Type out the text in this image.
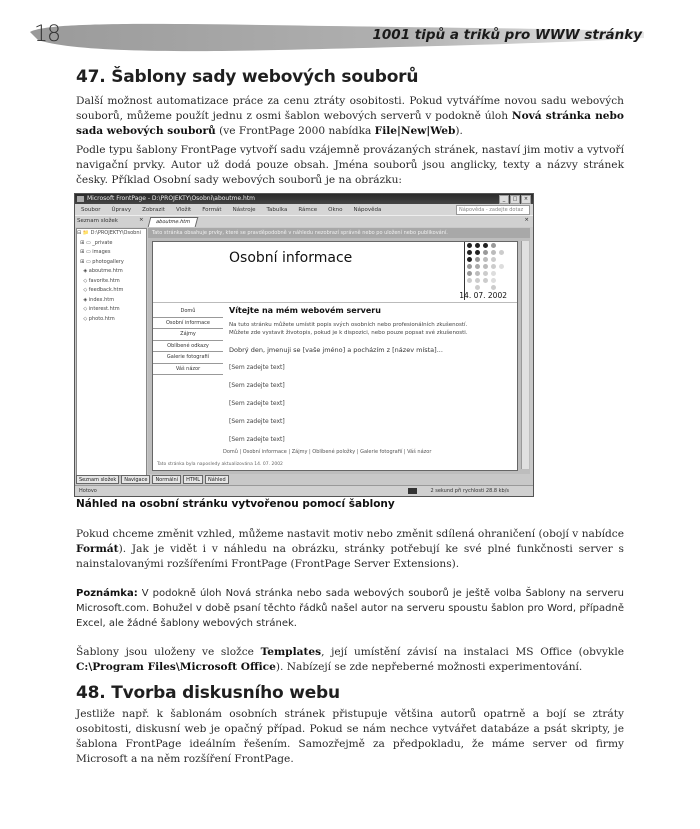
18	1001 tipů a triků pro WWW stránky
47. Šablony sady webových souborů

Další možnost automatizace práce za cenu ztráty osobitosti. Pokud vytváříme novou sadu webových souborů, můžeme použít jednu z osmi šablon webových serverů v podokně úloh Nová stránka nebo sada webových souborů (ve FrontPage 2000 nabídka File|New|Web).

Podle typu šablony FrontPage vytvoří sadu vzájemně provázaných stránek, nastaví jim motiv a vytvoří navigační prvky. Autor už dodá pouze obsah. Jména souborů jsou anglicky, texty a názvy stránek česky. Příklad Osobní sady webových souborů je na obrázku:

Microsoft FrontPage - D:\PROJEKTY\Osobni\aboutme.htm	_	□	×
Soubor Úpravy Zobrazit Vložit Formát Nástroje Tabulka Rámce Okno Nápověda	Nápověda - zadejte dotaz
Seznam složek	×	aboutme.htm	×
⊟ 📁 D:\PROJEKTY\Osobni
⊞ ▭ _private
⊞ ▭ images
⊞ ▭ photogallery
◈ aboutme.htm
◇ favorite.htm
◇ feedback.htm
◈ index.htm
◇ interest.htm
◇ photo.htm
Tato stránka obsahuje prvky, které se pravděpodobně v náhledu nezobrazí správně nebo po uložení nebo publikování.
Osobní informace
14. 07. 2002
Domů
Osobní informace
Zájmy
Oblíbené odkazy
Galerie fotografií
Váš názor
Vítejte na mém webovém serveru
Na tuto stránku můžete umístit popis svých osobních nebo profesionálních zkušeností.
Můžete zde vystavit životopis, pokud je k dispozici, nebo pouze popsat své zkušenosti.
Dobrý den, jmenuji se [vaše jméno] a pocházím z [název místa]...
[Sem zadejte text]
[Sem zadejte text]
[Sem zadejte text]
[Sem zadejte text]
[Sem zadejte text]
Domů | Osobní informace | Zájmy | Oblíbené položky | Galerie fotografií | Váš názor
Tato stránka byla naposledy aktualizována 14. 07. 2002
Seznam složek	Navigace	Normální	HTML	Náhled
Hotovo	2 sekund při rychlosti 28.8 kb/s
Náhled na osobní stránku vytvořenou pomocí šablony

Pokud chceme změnit vzhled, můžeme nastavit motiv nebo změnit sdílená ohraničení (obojí v nabídce Formát). Jak je vidět i v náhledu na obrázku, stránky potřebují ke své plné funkčnosti server s nainstalovanými rozšířeními FrontPage (FrontPage Server Extensions).

Poznámka: V podokně úloh Nová stránka nebo sada webových souborů je ještě volba Šablony na serveru Microsoft.com. Bohužel v době psaní těchto řádků našel autor na serveru spoustu šablon pro Word, případně Excel, ale žádné šablony webových stránek.

Šablony jsou uloženy ve složce Templates, její umístění závisí na instalaci MS Office (obvykle C:\Program Files\Microsoft Office). Nabízejí se zde nepřeberné možnosti experimentování.

48. Tvorba diskusního webu

Jestliže např. k šablonám osobních stránek přistupuje většina autorů opatrně a bojí se ztráty osobitosti, diskusní web je opačný případ. Pokud se nám nechce vytvářet databáze a psát skripty, je šablona FrontPage ideálním řešením. Samozřejmě za předpokladu, že máme server od firmy Microsoft a na něm rozšíření FrontPage.
